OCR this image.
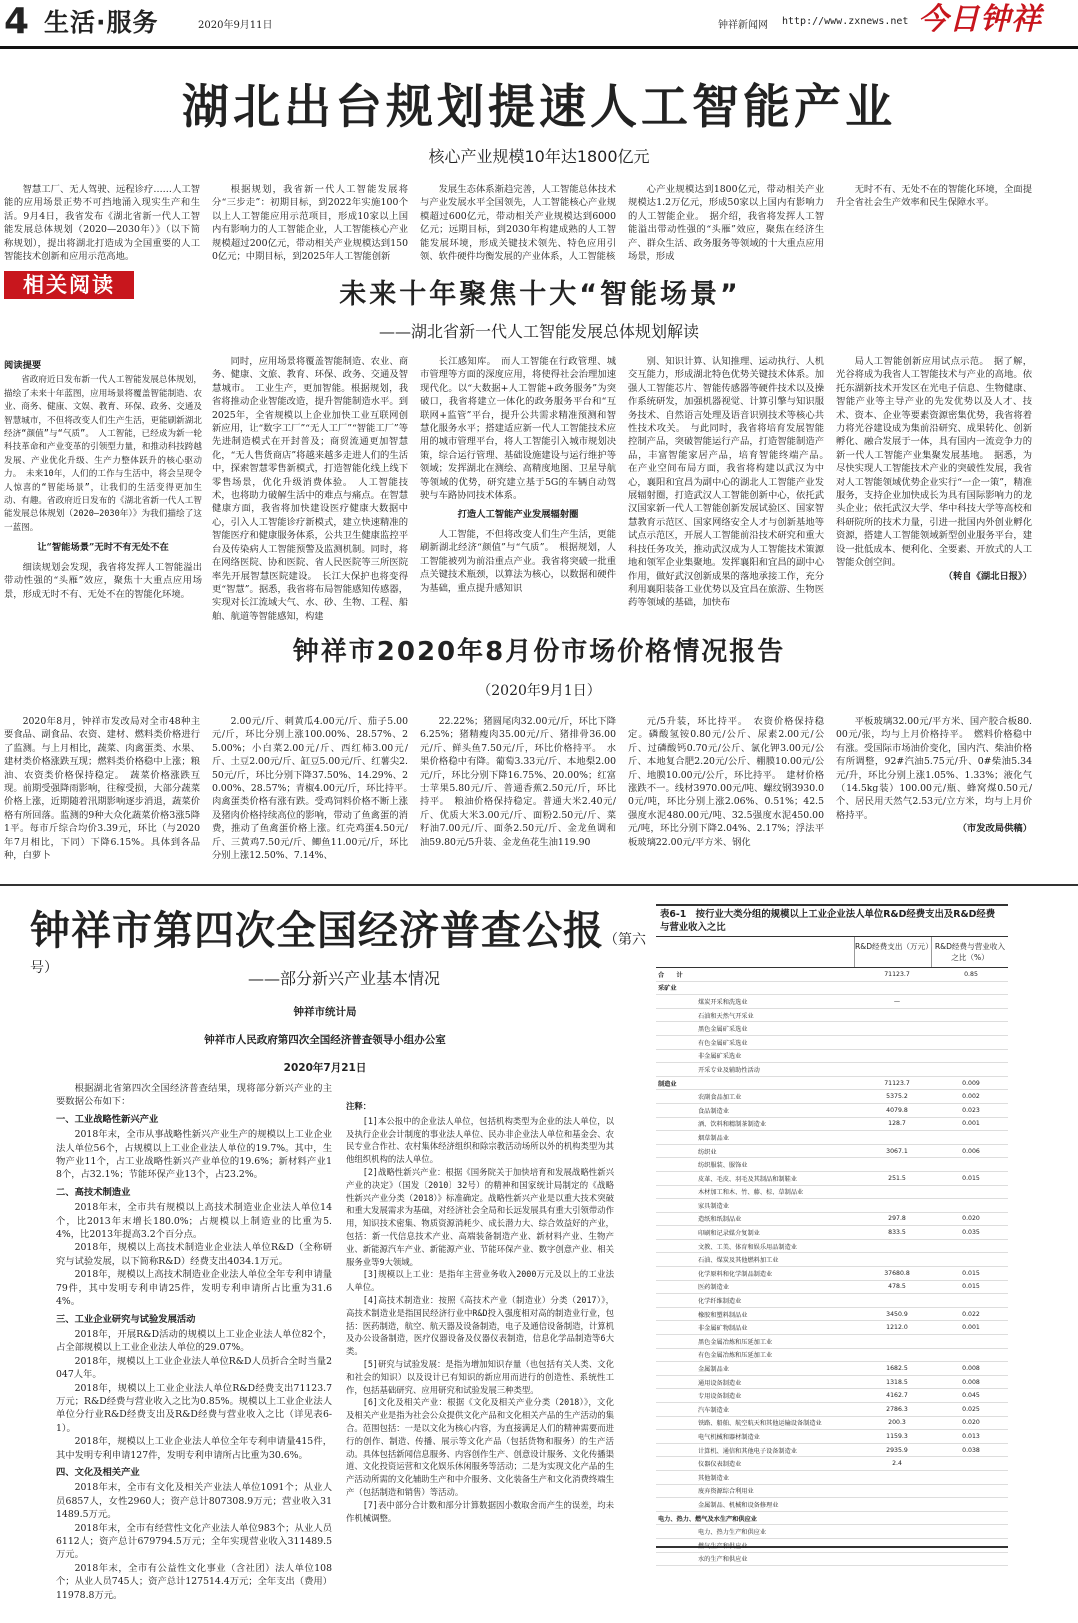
4 生活·服务	2020年9月11日	钟祥新闻网 http://www.zxnews.net 今日钟祥
湖北出台规划提速人工智能产业
核心产业规模10年达1800亿元

智慧工厂、无人驾驶、远程诊疗……人工智能的应用场景正势不可挡地涌入现实生产和生活。9月4日，我省发布《湖北省新一代人工智能发展总体规划（2020—2030年）》（以下简称规划），提出将湖北打造成为全国重要的人工智能技术创新和应用示范高地。

根据规划，我省新一代人工智能发展将分“三步走”：初期目标，到2022年实施100个以上人工智能应用示范项目，形成10家以上国内有影响力的人工智能企业，人工智能核心产业规模超过200亿元，带动相关产业规模达到1500亿元；中期目标，到2025年人工智能创新

发展生态体系渐趋完善，人工智能总体技术与产业发展水平全国领先，人工智能核心产业规模超过600亿元，带动相关产业规模达到6000亿元；远期目标，到2030年构建成熟的人工智能发展环境，形成关键技术领先、特色应用引领、软件硬件均衡发展的产业体系，人工智能核

心产业规模达到1800亿元，带动相关产业规模达1.2万亿元，形成50家以上国内有影响力的人工智能企业。　据介绍，我省将发挥人工智能溢出带动性强的“头雁”效应，聚焦在经济生产、群众生活、政务服务等领域的十大重点应用场景，形成

无时不有、无处不在的智能化环境，全面提升全省社会生产效率和民生保障水平。

相关阅读	未来十年聚焦十大“智能场景”
——湖北省新一代人工智能发展总体规划解读

阅读提要

省政府近日发布新一代人工智能发展总体规划，描绘了未来十年蓝图，应用场景将覆盖智能制造、农业、商务、健康、文娱、教育、环保、政务、交通及智慧城市，不但将改变人们生产生活，更能刷新湖北经济“颜值”与“气质”。　人工智能，已经成为新一轮科技革命和产业变革的引领型力量，和推动科技跨越发展、产业优化升级、生产力整体跃升的核心驱动力。　未来10年，人们的工作与生活中，将会呈现令人惊喜的“智能场景”，让我们的生活变得更加生动、有趣。省政府近日发布的《湖北省新一代人工智能发展总体规划（2020—2030年）》为我们描绘了这一蓝图。

让“智能场景”无时不有无处不在

细读规划会发现，我省将发挥人工智能溢出带动性强的“头雁”效应，聚焦十大重点应用场景，形成无时不有、无处不在的智能化环境。

同时，应用场景将覆盖智能制造、农业、商务、健康、文旅、教育、环保、政务、交通及智慧城市。　工业生产，更加智能。根据规划，我省将推动企业智能改造，提升智能制造水平。到2025年，全省规模以上企业加快工业互联网创新应用，让“数字工厂”“无人工厂”“智能工厂”等先进制造模式在开封普及；商贸流通更加智慧化，“无人售货商店”将越来越多走进人们的生活中，探索智慧零售新模式，打造智能化线上线下零售场景，优化升级消费体验。　人工智能技术，也将助力破解生活中的难点与痛点。在智慧健康方面，我省将加快建设医疗健康大数据中心，引入人工智能诊疗新模式，建立快速精准的智能医疗和健康服务体系，公共卫生健康监控平台及传染病人工智能预警及监测机制。同时，将在网络医院、协和医院、省人民医院等三所医院率先开展智慧医院建设。　长江大保护也将变得更“智慧”。据悉，我省将布局智能感知传感器，实现对长江流域大气、水、砂、生物、工程、船舶、航道等智能感知，构建

长江感知库。　而人工智能在行政管理、城市管理等方面的深度应用，将使得社会治理加速现代化。以“大数据+人工智能+政务服务”为突破口，我省将建立一体化的政务服务平台和“互联网+监管”平台，提升公共需求精准预测和智慧化服务水平；搭建适应新一代人工智能技术应用的城市管理平台，将人工智能引入城市规划决策，综合运行管理、基础设施建设与运行维护等领域；发挥湖北在测绘、高精度地图、卫星导航等领域的优势，研究建立基于5G的车辆自动驾驶与车路协同技术体系。

打造人工智能产业发展辐射圈

人工智能，不但将改变人们生产生活，更能刷新湖北经济“颜值”与“气质”。　根据规划，人工智能被列为前沿重点产业。我省将突破一批重点关键技术瓶颈，以算法为核心，以数据和硬件为基础，重点提升感知识

别、知识计算、认知推理、运动执行、人机交互能力，形成湖北特色优势关键技术体系。加强人工智能芯片、智能传感器等硬件技术以及操作系统研发，加强机器视觉、计算引擎与知识服务技术、自然语言处理及语音识别技术等核心共性技术攻关。　与此同时，我省将培育发展智能控制产品，突破智能运行产品，打造智能制造产品，丰富智能家居产品，培育智能终端产品。　在产业空间布局方面，我省将构建以武汉为中心，襄阳和宜昌为副中心的湖北人工智能产业发展辐射圈，打造武汉人工智能创新中心，依托武汉国家新一代人工智能创新发展试验区、国家智慧教育示范区、国家网络安全人才与创新基地等试点示范区，开展人工智能前沿技术研究和重大科技任务攻关，推动武汉成为人工智能技术策源地和领军企业集聚地。发挥襄阳和宜昌的副中心作用，做好武汉创新成果的落地承接工作，充分利用襄阳装备工业优势以及宜昌在旅游、生物医药等领域的基础，加快布

局人工智能创新应用试点示范。　据了解，光谷将成为我省人工智能技术与产业的高地。依托东湖新技术开发区在光电子信息、生物健康、智能产业等主导产业的先发优势以及人才、技术、资本、企业等要素资源密集优势，我省将着力将光谷建设成为集前沿研究、成果转化、创新孵化、融合发展于一体，具有国内一流竞争力的新一代人工智能产业集聚发展基地。　据悉，为尽快实现人工智能技术产业的突破性发展，我省对人工智能领域优势企业实行“一企一策”，精准服务，支持企业加快成长为具有国际影响力的龙头企业；依托武汉大学、华中科技大学等高校和科研院所的技术力量，引进一批国内外创业孵化资源，搭建人工智能领域新型创业服务平台，建设一批低成本、便利化、全要素、开放式的人工智能众创空间。

（转自《湖北日报》）

钟祥市2020年8月份市场价格情况报告
（2020年9月1日）

2020年8月，钟祥市发改局对全市48种主要食品、副食品、农资、建材、燃料类价格进行了监测。与上月相比，蔬菜、肉禽蛋类、水果、建材类价格涨跌互现；燃料类价格稳中上涨；粮油、农资类价格保持稳定。　蔬菜价格涨跌互现。前期受强降雨影响，往稼受损，大部分蔬菜价格上涨，近期随着汛期影响逐步消退，蔬菜价格有所回落。监测的9种大众化蔬菜价格3涨5降1平。每市斤综合均价3.39元，环比（与2020年7月相比，下同）下降6.15%。具体到各品种，白萝卜

2.00元/斤、刺黄瓜4.00元/斤、茄子5.00元/斤，环比分别上涨100.00%、28.57%、25.00%；小白菜2.00元/斤、西红柿3.00元/斤、土豆2.00元/斤、缸豆5.00元/斤、红薯尖2.50元/斤，环比分别下降37.50%、14.29%、20.00%、28.57%；青椒4.00元/斤，环比持平。　肉禽蛋类价格有涨有跌。受鸡饲料价格不断上涨及猪肉价格持续高位的影响，带动了鱼禽蛋的消费，推动了鱼禽蛋价格上涨。红壳鸡蛋4.50元/斤、三黄鸡7.50元/斤、鲫鱼11.00元/斤，环比分别上涨12.50%、7.14%、

22.22%；猪圆尾肉32.00元/斤，环比下降6.25%；猪精瘦肉35.00元/斤、猪排骨36.00元/斤、鲜头鱼7.50元/斤，环比价格持平。　水果价格稳中有降。葡萄3.33元/斤、本地梨2.00元/斤，环比分别下降16.75%、20.00%；红富士苹果5.80元/斤、普通香蕉2.50元/斤，环比持平。　粮油价格保持稳定。普通大米2.40元/斤、优质大米3.00元/斤、面粉2.50元/斤、菜籽油7.00元/斤、面条2.50元/斤、金龙鱼调和油59.80元/5升装、金龙鱼花生油119.90

元/5升装，环比持平。　农资价格保持稳定。磷酸氢铵0.80元/公斤、尿素2.00元/公斤、过磷酸钙0.70元/公斤、氯化钾3.00元/公斤、本地复合肥2.20元/公斤、棚膜10.00元/公斤、地膜10.00元/公斤，环比持平。　建材价格涨跌不一。线材3970.00元/吨、螺纹钢3930.00元/吨，环比分别上涨2.06%、0.51%；42.5强度水泥480.00元/吨、32.5强度水泥450.00元/吨，环比分别下降2.04%、2.17%；浮法平板玻璃22.00元/平方米、钢化

平板玻璃32.00元/平方米、国产胶合板80.00元/张，均与上月价格持平。　燃料价格稳中有涨。受国际市场油价变化，国内汽、柴油价格有所调整，92#汽油5.75元/升、0#柴油5.34元/升，环比分别上涨1.05%、1.33%；液化气（14.5kg装）100.00元/瓶、蜂窝煤0.50元/个、居民用天然气2.53元/立方米，均与上月价格持平。

（市发改局供稿）

钟祥市第四次全国经济普查公报（第六号）
——部分新兴产业基本情况
钟祥市统计局
钟祥市人民政府第四次全国经济普查领导小组办公室
2020年7月21日

根据湖北省第四次全国经济普查结果，现将部分新兴产业的主要数据公布如下：

一、工业战略性新兴产业

2018年末，全市从事战略性新兴产业生产的规模以上工业企业法人单位56个，占规模以上工业企业法人单位的19.7%。其中，生物产业11个，占工业战略性新兴产业单位的19.6%；新材料产业18个，占32.1%；节能环保产业13个，占23.2%。

二、高技术制造业

2018年末，全市共有规模以上高技术制造业企业法人单位14个，比2013年末增长180.0%；占规模以上制造业的比重为5.4%，比2013年提高3.2个百分点。

2018年，规模以上高技术制造业企业法人单位R&D（全称研究与试验发展，以下简称R&D）经费支出4034.1万元。

2018年，规模以上高技术制造业企业法人单位全年专利申请量79件，其中发明专利申请25件，发明专利申请所占比重为31.64%。

三、工业企业研究与试验发展活动

2018年，开展R&D活动的规模以上工业企业法人单位82个，占全部规模以上工业企业法人单位的29.07%。

2018年，规模以上工业企业法人单位R&D人员折合全时当量2047人年。

2018年，规模以上工业企业法人单位R&D经费支出71123.7万元；R&D经费与营业收入之比为0.85%。规模以上工业企业法人单位分行业R&D经费支出及R&D经费与营业收入之比（详见表6-1）。

2018年，规模以上工业企业法人单位全年专利申请量415件，其中发明专利申请127件，发明专利申请所占比重为30.6%。

四、文化及相关产业

2018年末，全市有文化及相关产业法人单位1091个；从业人员6857人，女性2960人；资产总计807308.9万元；营业收入311489.5万元。

2018年末，全市有经营性文化产业法人单位983个；从业人员6112人；资产总计679794.5万元；全年实现营业收入311489.5万元。

2018年末，全市有公益性文化事业（含社团）法人单位108个；从业人员745人；资产总计127514.4万元；全年支出（费用）11978.8万元。

注释：

[1]本公报中的企业法人单位，包括机构类型为企业的法人单位，以及执行企业会计制度的事业法人单位、民办非企业法人单位和基金会、农民专业合作社、农村集体经济组织和除宗教活动场所以外的机构类型为其他组织机构的法人单位。

[2]战略性新兴产业：根据《国务院关于加快培育和发展战略性新兴产业的决定》（国发〔2010〕32号）的精神和国家统计局制定的《战略性新兴产业分类（2018）》标准确定。战略性新兴产业是以重大技术突破和重大发展需求为基础，对经济社会全局和长远发展具有重大引领带动作用，知识技术密集、物质资源消耗少、成长潜力大、综合效益好的产业，包括：新一代信息技术产业、高端装备制造产业、新材料产业、生物产业、新能源汽车产业、新能源产业、节能环保产业、数字创意产业、相关服务业等9大领域。

[3]规模以上工业：是指年主营业务收入2000万元及以上的工业法人单位。

[4]高技术制造业：按照《高技术产业（制造业）分类（2017）》，高技术制造业是指国民经济行业中R&D投入强度相对高的制造业行业，包括：医药制造，航空、航天器及设备制造，电子及通信设备制造，计算机及办公设备制造，医疗仪器设备及仪器仪表制造，信息化学品制造等6大类。

[5]研究与试验发展：是指为增加知识存量（也包括有关人类、文化和社会的知识）以及设计已有知识的新应用而进行的创造性、系统性工作，包括基础研究、应用研究和试验发展三种类型。

[6]文化及相关产业：根据《文化及相关产业分类（2018）》，文化及相关产业是指为社会公众提供文化产品和文化相关产品的生产活动的集合。范围包括：一是以文化为核心内容，为直接满足人们的精神需要而进行的创作、制造、传播、展示等文化产品（包括货物和服务）的生产活动。具体包括新闻信息服务、内容创作生产、创意设计服务、文化传播渠道、文化投资运营和文化娱乐休闲服务等活动；二是为实现文化产品的生产活动所需的文化辅助生产和中介服务、文化装备生产和文化消费终端生产（包括制造和销售）等活动。

[7]表中部分合计数和部分计算数据因小数取舍而产生的误差，均未作机械调整。

表6-1　按行业大类分组的规模以上工业企业法人单位R&D经费支出及R&D经费与营业收入之比
R&D经费支出（万元） R&D经费与营业收入之比（%）
合　　计	71123.7	0.85
采矿业		
煤炭开采和洗选业	—	
石油和天然气开采业		
黑色金属矿采选业		
有色金属矿采选业		
非金属矿采选业		
开采专业及辅助性活动		
制造业	71123.7	0.009
农副食品加工业	5375.2	0.002
食品制造业	4079.8	0.023
酒、饮料和精制茶制造业	128.7	0.001
烟草制品业		
纺织业	3067.1	0.006
纺织服装、服饰业		
皮革、毛皮、羽毛及其制品和制鞋业	251.5	0.015
木材加工和木、竹、藤、棕、草制品业		
家具制造业		
造纸和纸制品业	297.8	0.020
印刷和记录媒介复制业	833.5	0.035
文教、工美、体育和娱乐用品制造业		
石油、煤炭及其他燃料加工业		
化学原料和化学制品制造业	37680.8	0.015
医药制造业	478.5	0.015
化学纤维制造业		
橡胶和塑料制品业	3450.9	0.022
非金属矿物制品业	1212.0	0.001
黑色金属冶炼和压延加工业		
有色金属冶炼和压延加工业		
金属制品业	1682.5	0.008
通用设备制造业	1318.5	0.008
专用设备制造业	4162.7	0.045
汽车制造业	2786.3	0.025
铁路、船舶、航空航天和其他运输设备制造业	200.3	0.020
电气机械和器材制造业	1159.3	0.013
计算机、通信和其他电子设备制造业	2935.9	0.038
仪器仪表制造业	2.4	
其他制造业		
废弃资源综合利用业		
金属制品、机械和设备修理业		
电力、热力、燃气及水生产和供应业		
电力、热力生产和供应业		
燃气生产和供应业		
水的生产和供应业		
